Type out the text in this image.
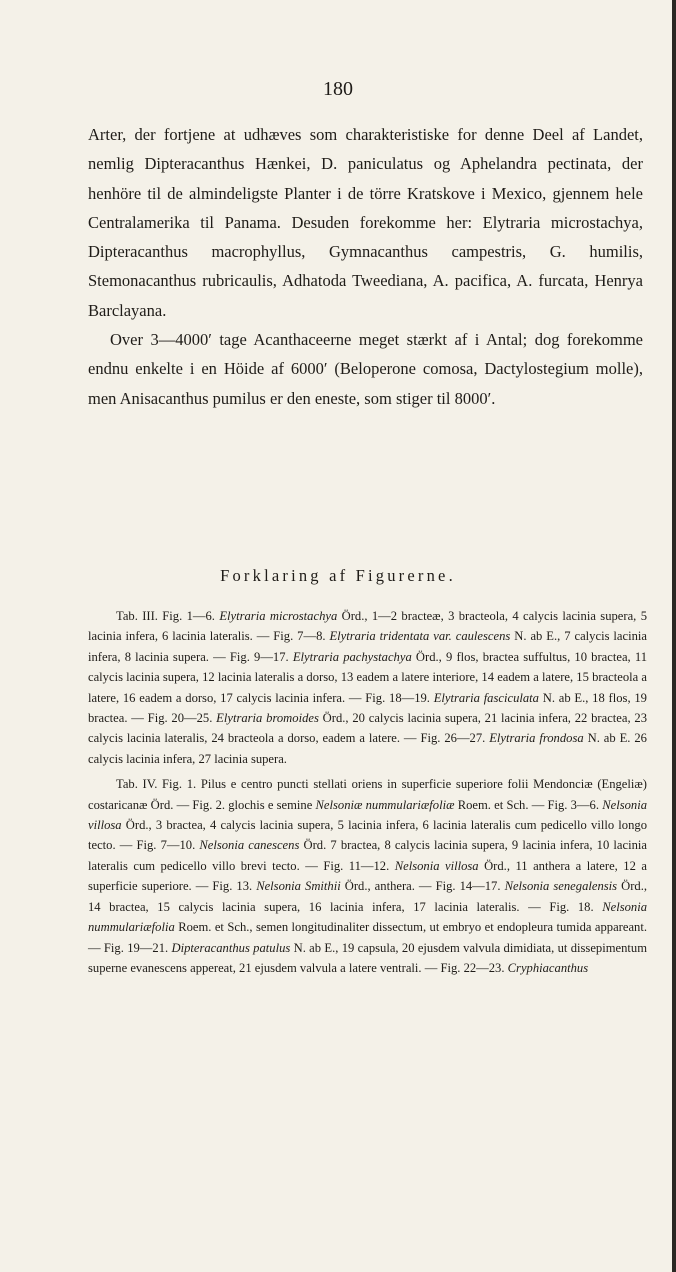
180

Arter, der fortjene at udhæves som charakteristiske for denne Deel af Landet, nemlig Dipteracanthus Hænkei, D. paniculatus og Aphelandra pectinata, der henhöre til de almindeligste Planter i de törre Kratskove i Mexico, gjennem hele Centralamerika til Panama. Desuden forekomme her: Elytraria microstachya, Dipteracanthus macrophyllus, Gymnacanthus campestris, G. humilis, Stemonacanthus rubricaulis, Adhatoda Tweediana, A. pacifica, A. furcata, Henrya Barclayana.

Over 3—4000′ tage Acanthaceerne meget stærkt af i Antal; dog forekomme endnu enkelte i en Höide af 6000′ (Beloperone comosa, Dactylostegium molle), men Anisacanthus pumilus er den eneste, som stiger til 8000′.

Forklaring af Figurerne.

Tab. III. Fig. 1—6. Elytraria microstachya Örd., 1—2 bracteæ, 3 bracteola, 4 calycis lacinia supera, 5 lacinia infera, 6 lacinia lateralis. — Fig. 7—8. Elytraria tridentata var. caulescens N. ab E., 7 calycis lacinia infera, 8 lacinia supera. — Fig. 9—17. Elytraria pachystachya Örd., 9 flos, bractea suffultus, 10 bractea, 11 calycis lacinia supera, 12 lacinia lateralis a dorso, 13 eadem a latere interiore, 14 eadem a latere, 15 bracteola a latere, 16 eadem a dorso, 17 calycis lacinia infera. — Fig. 18—19. Elytraria fasciculata N. ab E., 18 flos, 19 bractea. — Fig. 20—25. Elytraria bromoides Örd., 20 calycis lacinia supera, 21 lacinia infera, 22 bractea, 23 calycis lacinia lateralis, 24 bracteola a dorso, eadem a latere. — Fig. 26—27. Elytraria frondosa N. ab E. 26 calycis lacinia infera, 27 lacinia supera.

Tab. IV. Fig. 1. Pilus e centro puncti stellati oriens in superficie superiore folii Mendonciæ (Engeliæ) costaricanæ Örd. — Fig. 2. glochis e semine Nelsoniæ nummulariæfoliæ Roem. et Sch. — Fig. 3—6. Nelsonia villosa Örd., 3 bractea, 4 calycis lacinia supera, 5 lacinia infera, 6 lacinia lateralis cum pedicello villo longo tecto. — Fig. 7—10. Nelsonia canescens Örd. 7 bractea, 8 calycis lacinia supera, 9 lacinia infera, 10 lacinia lateralis cum pedicello villo brevi tecto. — Fig. 11—12. Nelsonia villosa Örd., 11 anthera a latere, 12 a superficie superiore. — Fig. 13. Nelsonia Smithii Örd., anthera. — Fig. 14—17. Nelsonia senegalensis Örd., 14 bractea, 15 calycis lacinia supera, 16 lacinia infera, 17 lacinia lateralis. — Fig. 18. Nelsonia nummulariæfolia Roem. et Sch., semen longitudinaliter dissectum, ut embryo et endopleura tumida appareant. — Fig. 19—21. Dipteracanthus patulus N. ab E., 19 capsula, 20 ejusdem valvula dimidiata, ut dissepimentum superne evanescens appereat, 21 ejusdem valvula a latere ventrali. — Fig. 22—23. Cryphiacanthus
